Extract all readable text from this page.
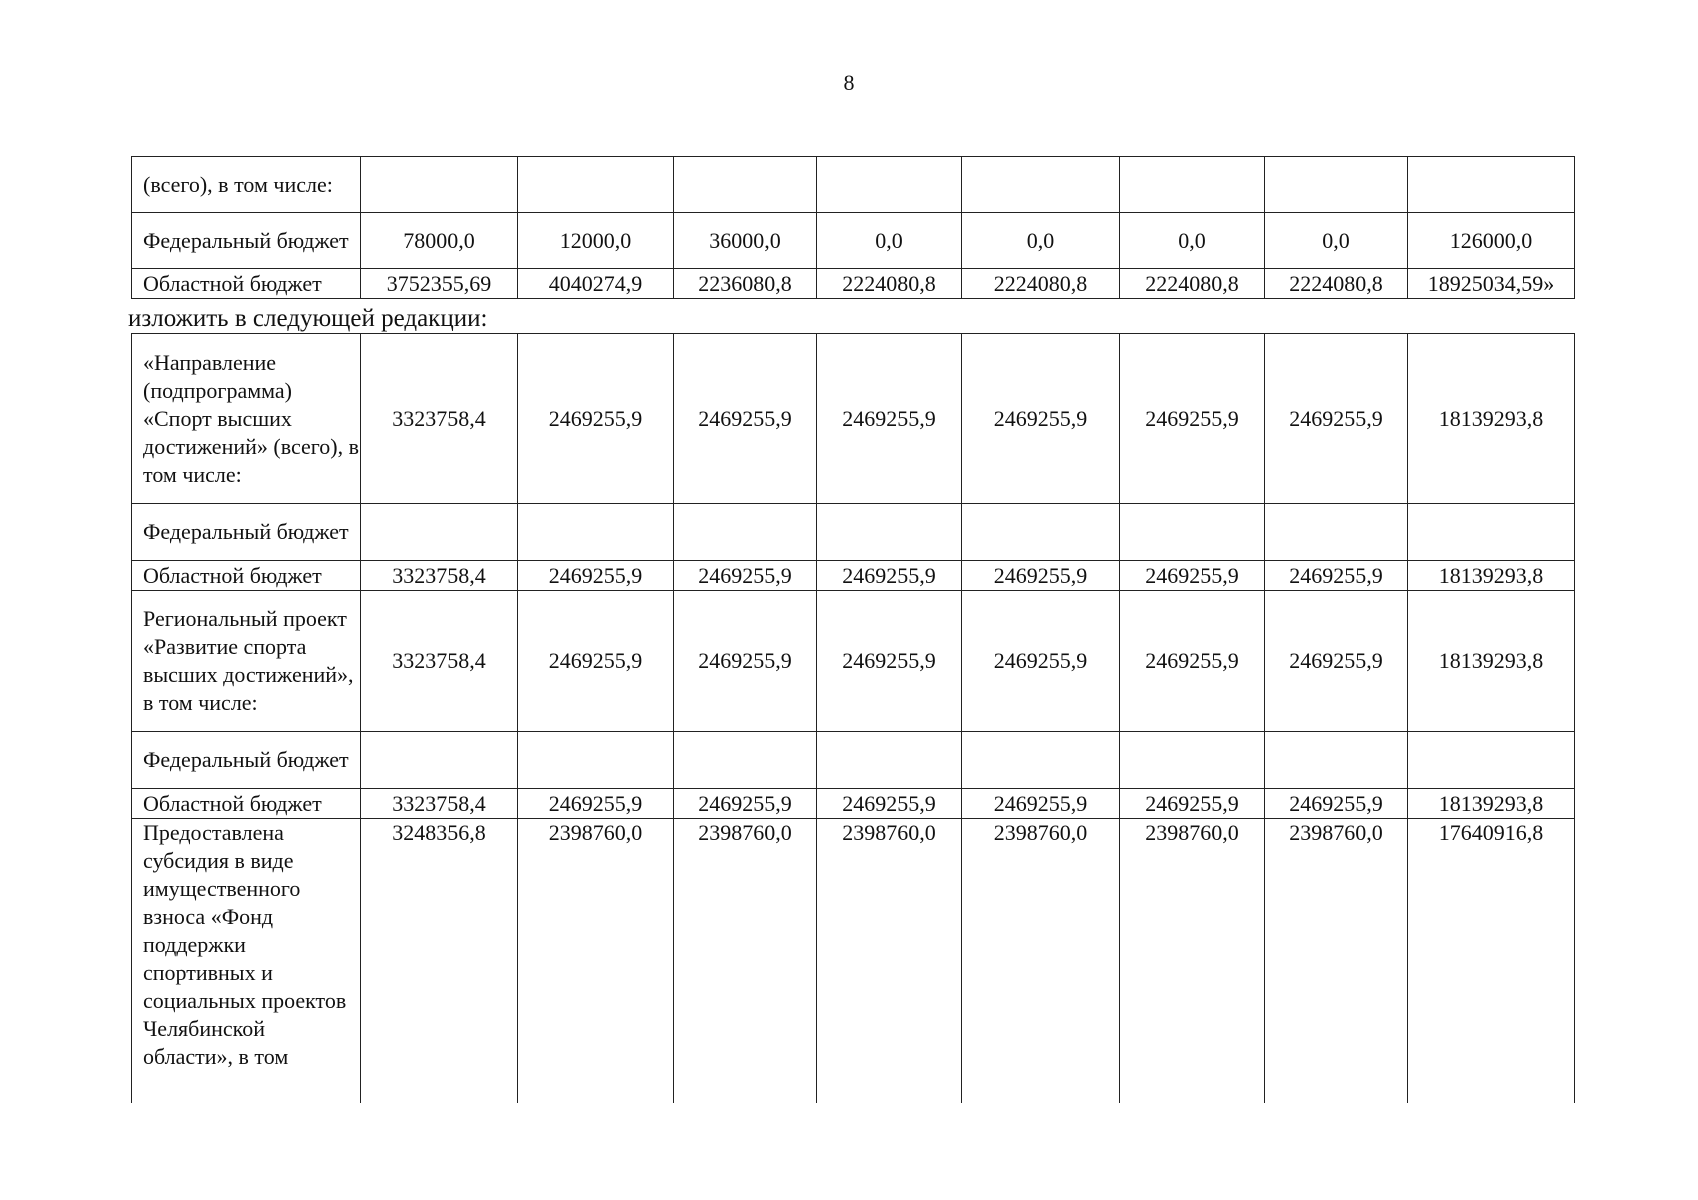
8
(всего), в том числе:								
Федеральный бюджет	78000,0	12000,0	36000,0	0,0	0,0	0,0	0,0	126000,0
Областной бюджет	3752355,69	4040274,9	2236080,8	2224080,8	2224080,8	2224080,8	2224080,8	18925034,59»
изложить в следующей редакции:
«Направление (подпрограмма) «Спорт высших достижений» (всего), в том числе:	3323758,4	2469255,9	2469255,9	2469255,9	2469255,9	2469255,9	2469255,9	18139293,8
Федеральный бюджет								
Областной бюджет	3323758,4	2469255,9	2469255,9	2469255,9	2469255,9	2469255,9	2469255,9	18139293,8
Региональный проект «Развитие спорта высших достижений», в том числе:	3323758,4	2469255,9	2469255,9	2469255,9	2469255,9	2469255,9	2469255,9	18139293,8
Федеральный бюджет								
Областной бюджет	3323758,4	2469255,9	2469255,9	2469255,9	2469255,9	2469255,9	2469255,9	18139293,8
Предоставлена субсидия в виде имущественного взноса «Фонд поддержки спортивных и социальных проектов Челябинской области», в том	3248356,8	2398760,0	2398760,0	2398760,0	2398760,0	2398760,0	2398760,0	17640916,8
